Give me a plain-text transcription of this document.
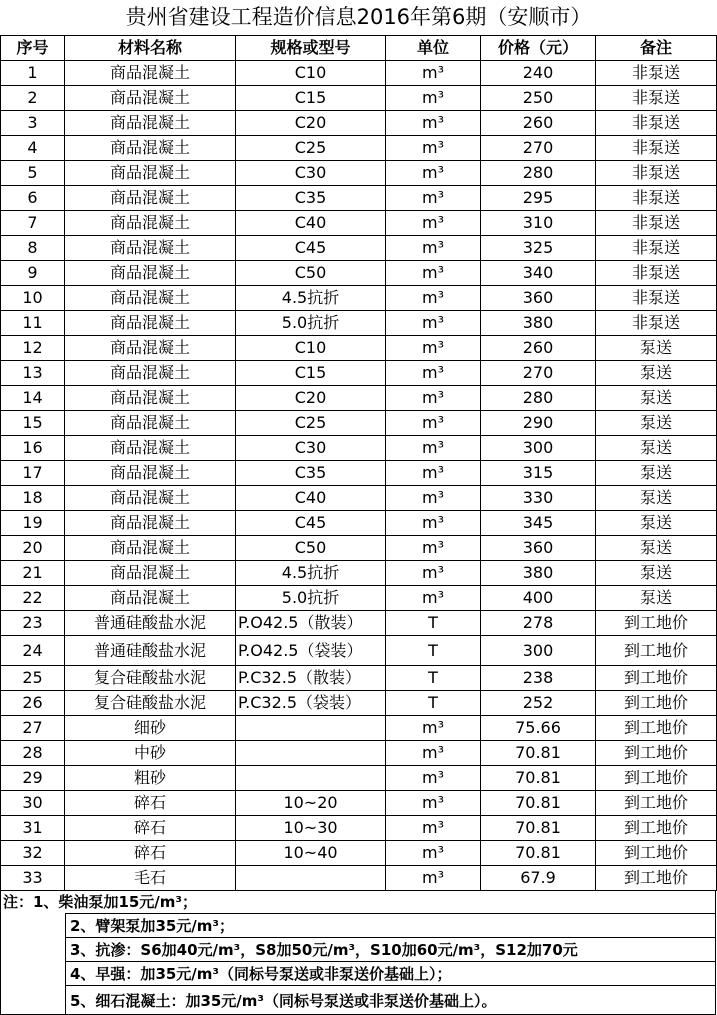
贵州省建设工程造价信息2016年第6期（安顺市）
序号	材料名称	规格或型号	单位	价格（元）	备注
1	商品混凝土	C10	m³	240	非泵送
2	商品混凝土	C15	m³	250	非泵送
3	商品混凝土	C20	m³	260	非泵送
4	商品混凝土	C25	m³	270	非泵送
5	商品混凝土	C30	m³	280	非泵送
6	商品混凝土	C35	m³	295	非泵送
7	商品混凝土	C40	m³	310	非泵送
8	商品混凝土	C45	m³	325	非泵送
9	商品混凝土	C50	m³	340	非泵送
10	商品混凝土	4.5抗折	m³	360	非泵送
11	商品混凝土	5.0抗折	m³	380	非泵送
12	商品混凝土	C10	m³	260	泵送
13	商品混凝土	C15	m³	270	泵送
14	商品混凝土	C20	m³	280	泵送
15	商品混凝土	C25	m³	290	泵送
16	商品混凝土	C30	m³	300	泵送
17	商品混凝土	C35	m³	315	泵送
18	商品混凝土	C40	m³	330	泵送
19	商品混凝土	C45	m³	345	泵送
20	商品混凝土	C50	m³	360	泵送
21	商品混凝土	4.5抗折	m³	380	泵送
22	商品混凝土	5.0抗折	m³	400	泵送
23	普通硅酸盐水泥	P.O42.5（散装）	T	278	到工地价
24	普通硅酸盐水泥	P.O42.5（袋装）	T	300	到工地价
25	复合硅酸盐水泥	P.C32.5（散装）	T	238	到工地价
26	复合硅酸盐水泥	P.C32.5（袋装）	T	252	到工地价
27	细砂		m³	75.66	到工地价
28	中砂		m³	70.81	到工地价
29	粗砂		m³	70.81	到工地价
30	碎石	10~20	m³	70.81	到工地价
31	碎石	10~30	m³	70.81	到工地价
32	碎石	10~40	m³	70.81	到工地价
33	毛石		m³	67.9	到工地价
注：1、柴油泵加15元/m³；
2、臂架泵加35元/m³；
3、抗渗：S6加40元/m³，S8加50元/m³，S10加60元/m³，S12加70元
4、早强：加35元/m³（同标号泵送或非泵送价基础上）；
5、细石混凝土：加35元/m³（同标号泵送或非泵送价基础上）。
